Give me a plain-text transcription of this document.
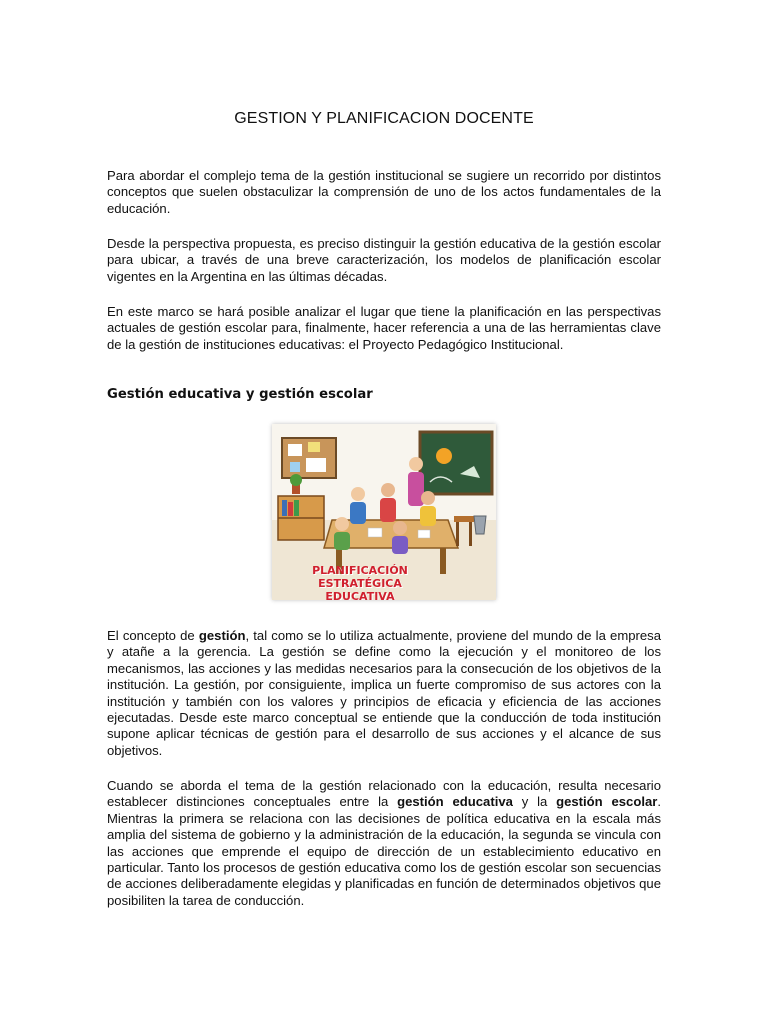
GESTION Y PLANIFICACION DOCENTE

Para abordar el complejo tema de la gestión institucional se sugiere un recorrido por distintos conceptos que suelen obstaculizar la comprensión de uno de los actos fundamentales de la educación.

Desde la perspectiva propuesta, es preciso distinguir la gestión educativa de la gestión escolar para ubicar, a través de una breve caracterización, los modelos de planificación escolar vigentes en la Argentina en las últimas décadas.

En este marco se hará posible analizar el lugar que tiene la planificación en las perspectivas actuales de gestión escolar para, finalmente, hacer referencia a una de las herramientas clave de la gestión de instituciones educativas: el Proyecto Pedagógico Institucional.

Gestión educativa y gestión escolar
PLANIFICACIÓN
ESTRATÉGICA
EDUCATIVA

El concepto de gestión, tal como se lo utiliza actualmente, proviene del mundo de la empresa y atañe a la gerencia. La gestión se define como la ejecución y el monitoreo de los mecanismos, las acciones y las medidas necesarios para la consecución de los objetivos de la institución. La gestión, por consiguiente, implica un fuerte compromiso de sus actores con la institución y también con los valores y principios de eficacia y eficiencia de las acciones ejecutadas. Desde este marco conceptual se entiende que la conducción de toda institución supone aplicar técnicas de gestión para el desarrollo de sus acciones y el alcance de sus objetivos.

Cuando se aborda el tema de la gestión relacionado con la educación, resulta necesario establecer distinciones conceptuales entre la gestión educativa y la gestión escolar. Mientras la primera se relaciona con las decisiones de política educativa en la escala más amplia del sistema de gobierno y la administración de la educación, la segunda se vincula con las acciones que emprende el equipo de dirección de un establecimiento educativo en particular. Tanto los procesos de gestión educativa como los de gestión escolar son secuencias de acciones deliberadamente elegidas y planificadas en función de determinados objetivos que posibiliten la tarea de conducción.
